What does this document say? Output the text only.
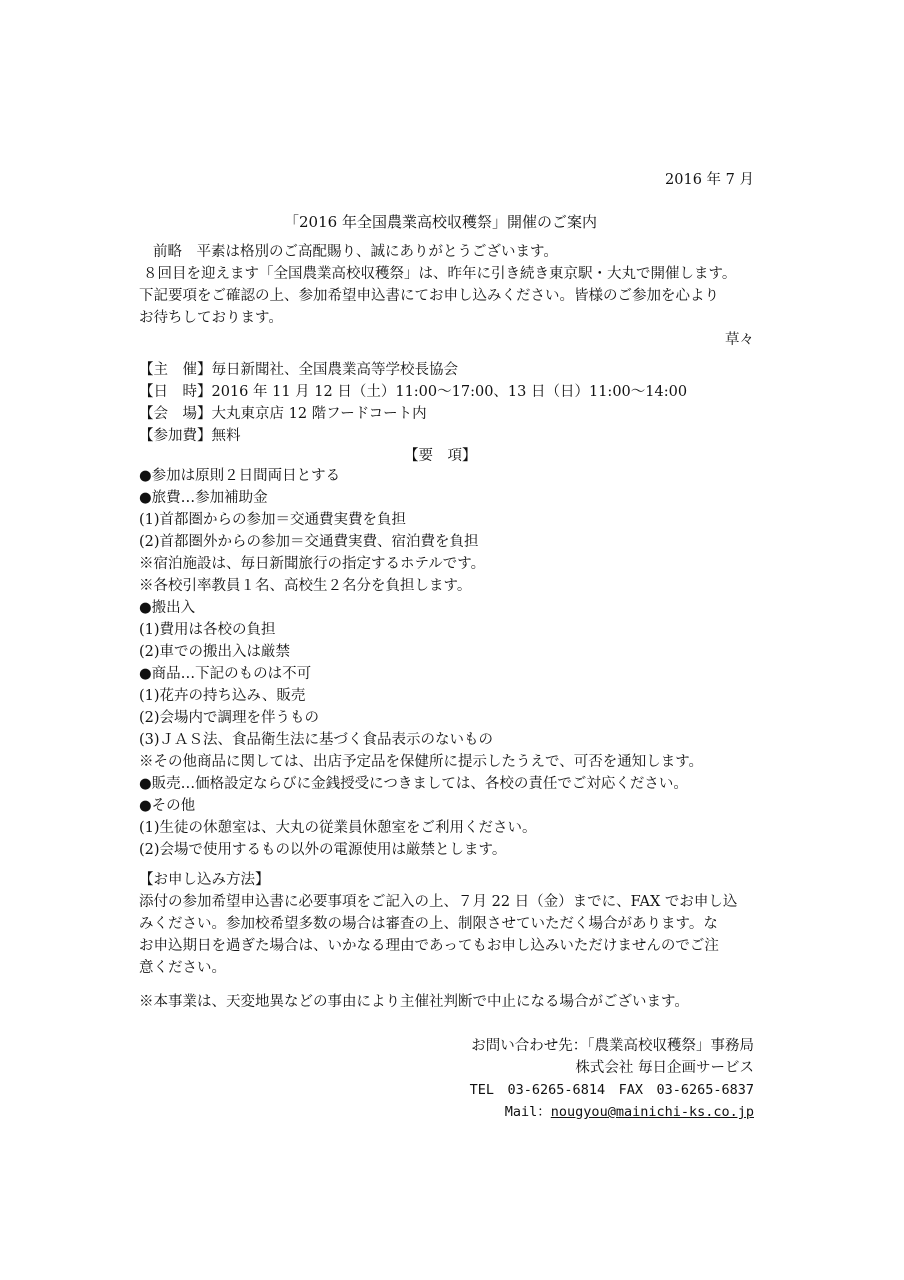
2016 年 7 月
「2016 年全国農業高校収穫祭」開催のご案内
前略　平素は格別のご高配賜り、誠にありがとうございます。
８回目を迎えます「全国農業高校収穫祭」は、昨年に引き続き東京駅・大丸で開催します。
下記要項をご確認の上、参加希望申込書にてお申し込みください。皆様のご参加を心より
お待ちしております。
草々
【主　催】毎日新聞社、全国農業高等学校長協会
【日　時】2016 年 11 月 12 日（土）11:00～17:00、13 日（日）11:00～14:00
【会　場】大丸東京店 12 階フードコート内
【参加費】無料
【要　項】
●参加は原則２日間両日とする
●旅費…参加補助金
(1)首都圏からの参加＝交通費実費を負担
(2)首都圏外からの参加＝交通費実費、宿泊費を負担
※宿泊施設は、毎日新聞旅行の指定するホテルです。
※各校引率教員１名、高校生２名分を負担します。
●搬出入
(1)費用は各校の負担
(2)車での搬出入は厳禁
●商品…下記のものは不可
(1)花卉の持ち込み、販売
(2)会場内で調理を伴うもの
(3)ＪＡＳ法、食品衛生法に基づく食品表示のないもの
※その他商品に関しては、出店予定品を保健所に提示したうえで、可否を通知します。
●販売…価格設定ならびに金銭授受につきましては、各校の責任でご対応ください。
●その他
(1)生徒の休憩室は、大丸の従業員休憩室をご利用ください。
(2)会場で使用するもの以外の電源使用は厳禁とします。
【お申し込み方法】
添付の参加希望申込書に必要事項をご記入の上、７月 22 日（金）までに、FAX でお申し込
みください。参加校希望多数の場合は審査の上、制限させていただく場合があります。な
お申込期日を過ぎた場合は、いかなる理由であってもお申し込みいただけませんのでご注
意ください。
※本事業は、天変地異などの事由により主催社判断で中止になる場合がございます。
お問い合わせ先：「農業高校収穫祭」事務局
株式会社 毎日企画サービス
TEL　03-6265-6814　FAX　03-6265-6837
Mail：nougyou@mainichi-ks.co.jp
